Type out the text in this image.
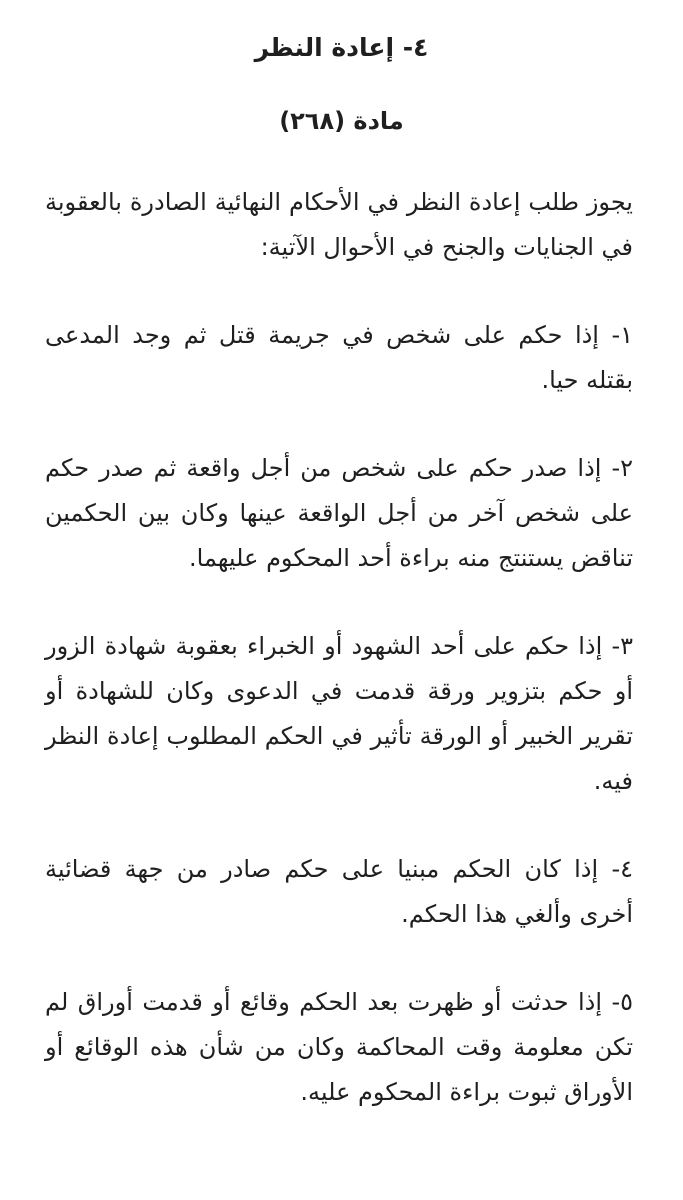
٤- إعادة النظر
مادة (٢٦٨)

يجوز طلب إعادة النظر في الأحكام النهائية الصادرة بالعقوبة في الجنايات والجنح في الأحوال الآتية:

١- إذا حكم على شخص في جريمة قتل ثم وجد المدعى بقتله حيا.

٢- إذا صدر حكم على شخص من أجل واقعة ثم صدر حكم على شخص آخر من أجل الواقعة عينها وكان بين الحكمين تناقض يستنتج منه براءة أحد المحكوم عليهما.

٣- إذا حكم على أحد الشهود أو الخبراء بعقوبة شهادة الزور أو حكم بتزوير ورقة قدمت في الدعوى وكان للشهادة أو تقرير الخبير أو الورقة تأثير في الحكم المطلوب إعادة النظر فيه.

٤- إذا كان الحكم مبنيا على حكم صادر من جهة قضائية أخرى وألغي هذا الحكم.

٥- إذا حدثت أو ظهرت بعد الحكم وقائع أو قدمت أوراق لم تكن معلومة وقت المحاكمة وكان من شأن هذه الوقائع أو الأوراق ثبوت براءة المحكوم عليه.
